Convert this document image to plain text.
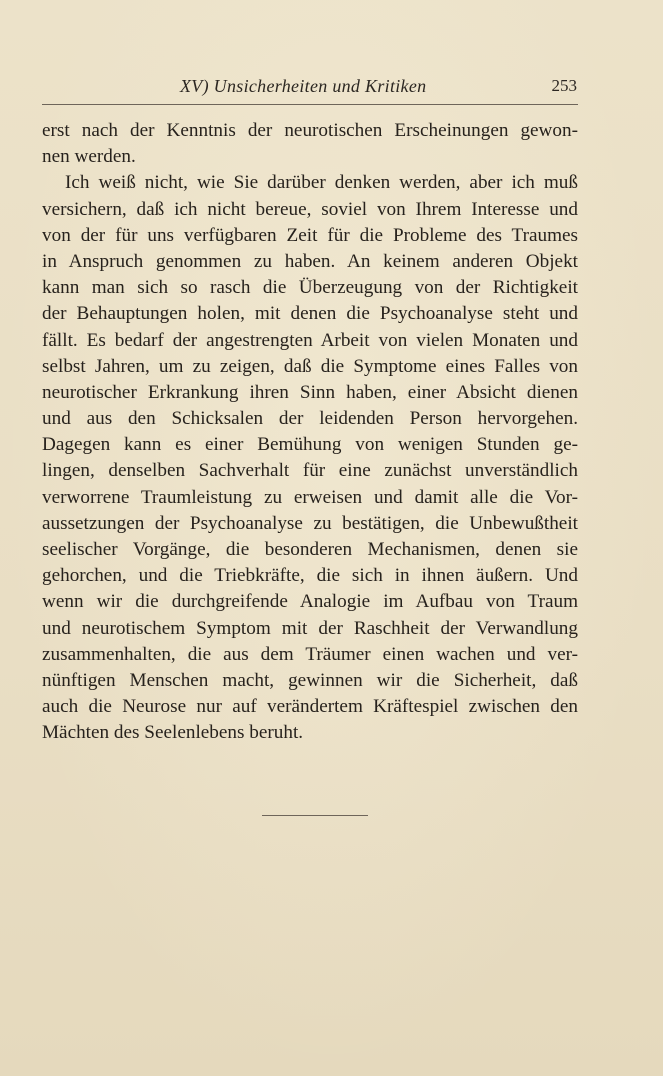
XV) Unsicherheiten und Kritiken	253
erst nach der Kenntnis der neurotischen Erscheinungen gewon-
nen werden.
Ich weiß nicht, wie Sie darüber denken werden, aber ich muß
versichern, daß ich nicht bereue, soviel von Ihrem Interesse und
von der für uns verfügbaren Zeit für die Probleme des Traumes
in Anspruch genommen zu haben. An keinem anderen Objekt
kann man sich so rasch die Überzeugung von der Richtigkeit
der Behauptungen holen, mit denen die Psychoanalyse steht und
fällt. Es bedarf der angestrengten Arbeit von vielen Monaten und
selbst Jahren, um zu zeigen, daß die Symptome eines Falles von
neurotischer Erkrankung ihren Sinn haben, einer Absicht dienen
und aus den Schicksalen der leidenden Person hervorgehen.
Dagegen kann es einer Bemühung von wenigen Stunden ge-
lingen, denselben Sachverhalt für eine zunächst unverständlich
verworrene Traumleistung zu erweisen und damit alle die Vor-
aussetzungen der Psychoanalyse zu bestätigen, die Unbewußtheit
seelischer Vorgänge, die besonderen Mechanismen, denen sie
gehorchen, und die Triebkräfte, die sich in ihnen äußern. Und
wenn wir die durchgreifende Analogie im Aufbau von Traum
und neurotischem Symptom mit der Raschheit der Verwandlung
zusammenhalten, die aus dem Träumer einen wachen und ver-
nünftigen Menschen macht, gewinnen wir die Sicherheit, daß
auch die Neurose nur auf verändertem Kräftespiel zwischen den
Mächten des Seelenlebens beruht.
